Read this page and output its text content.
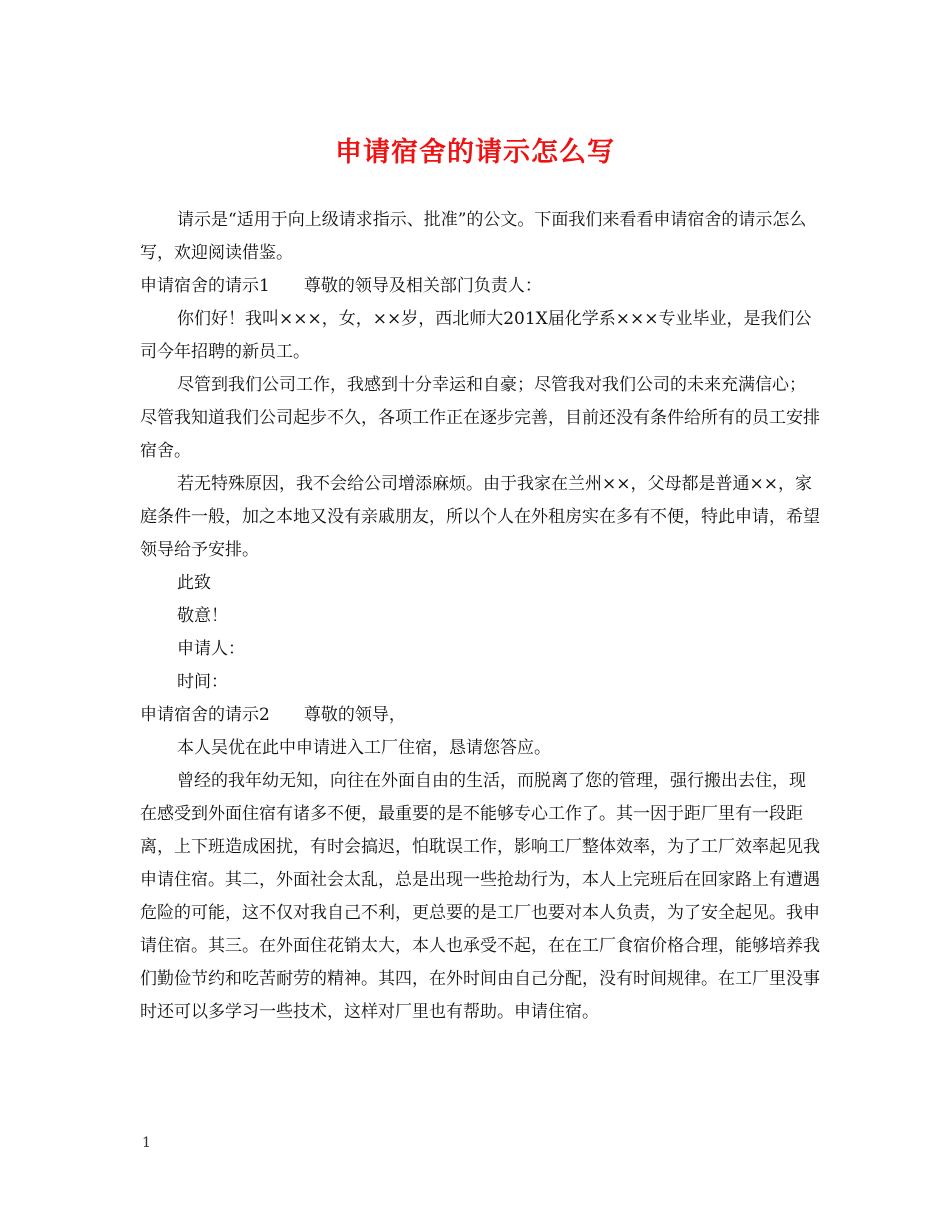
申请宿舍的请示怎么写

请示是“适用于向上级请求指示、批准”的公文。下面我们来看看申请宿舍的请示怎么写，欢迎阅读借鉴。

申请宿舍的请示1　　尊敬的领导及相关部门负责人：

你们好！我叫×××，女，××岁，西北师大201X届化学系×××专业毕业，是我们公司今年招聘的新员工。

尽管到我们公司工作，我感到十分幸运和自豪；尽管我对我们公司的未来充满信心；尽管我知道我们公司起步不久，各项工作正在逐步完善，目前还没有条件给所有的员工安排宿舍。

若无特殊原因，我不会给公司增添麻烦。由于我家在兰州××，父母都是普通××，家庭条件一般，加之本地又没有亲戚朋友，所以个人在外租房实在多有不便，特此申请，希望领导给予安排。

此致

敬意！

申请人：

时间：

申请宿舍的请示2　　尊敬的领导，

本人吴优在此中申请进入工厂住宿，恳请您答应。

曾经的我年幼无知，向往在外面自由的生活，而脱离了您的管理，强行搬出去住，现在感受到外面住宿有诸多不便，最重要的是不能够专心工作了。其一因于距厂里有一段距离，上下班造成困扰，有时会搞迟，怕耽误工作，影响工厂整体效率，为了工厂效率起见我申请住宿。其二，外面社会太乱，总是出现一些抢劫行为，本人上完班后在回家路上有遭遇危险的可能，这不仅对我自己不利，更总要的是工厂也要对本人负责，为了安全起见。我申请住宿。其三。在外面住花销太大，本人也承受不起，在在工厂食宿价格合理，能够培养我们勤俭节约和吃苦耐劳的精神。其四，在外时间由自己分配，没有时间规律。在工厂里没事时还可以多学习一些技术，这样对厂里也有帮助。申请住宿。

1
